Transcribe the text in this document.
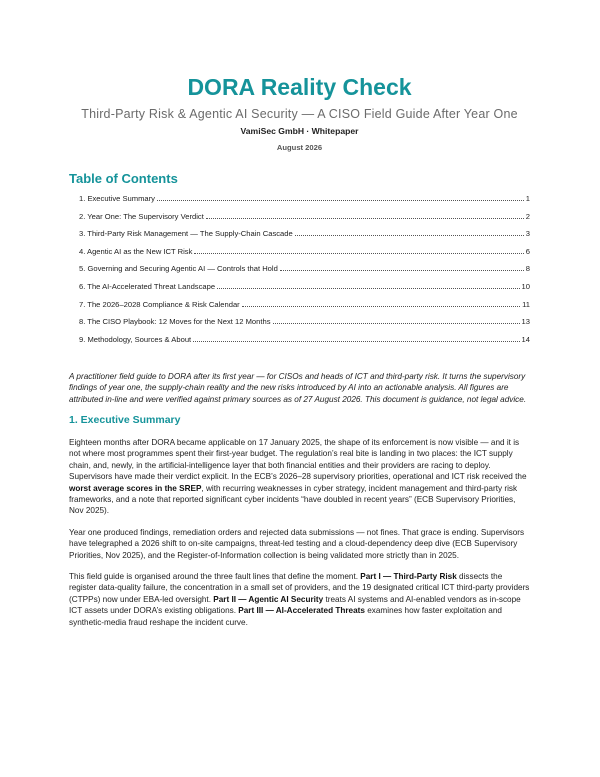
DORA Reality Check
Third-Party Risk & Agentic AI Security — A CISO Field Guide After Year One
VamiSec GmbH · Whitepaper
August 2026
Table of Contents
1. Executive Summary	1
2. Year One: The Supervisory Verdict	2
3. Third-Party Risk Management — The Supply-Chain Cascade	3
4. Agentic AI as the New ICT Risk	6
5. Governing and Securing Agentic AI — Controls that Hold	8
6. The AI-Accelerated Threat Landscape	10
7. The 2026–2028 Compliance & Risk Calendar	11
8. The CISO Playbook: 12 Moves for the Next 12 Months	13
9. Methodology, Sources & About	14
A practitioner field guide to DORA after its first year — for CISOs and heads of ICT and third-party risk. It turns the supervisory findings of year one, the supply-chain reality and the new risks introduced by AI into an actionable analysis. All figures are attributed in-line and were verified against primary sources as of 27 August 2026. This document is guidance, not legal advice.
1. Executive Summary
Eighteen months after DORA became applicable on 17 January 2025, the shape of its enforcement is now visible — and it is not where most programmes spent their first-year budget. The regulation’s real bite is landing in two places: the ICT supply chain, and, newly, in the artificial-intelligence layer that both financial entities and their providers are racing to deploy. Supervisors have made their verdict explicit. In the ECB’s 2026–28 supervisory priorities, operational and ICT risk received the worst average scores in the SREP, with recurring weaknesses in cyber strategy, incident management and third-party risk frameworks, and a note that reported significant cyber incidents “have doubled in recent years” (ECB Supervisory Priorities, Nov 2025).
Year one produced findings, remediation orders and rejected data submissions — not fines. That grace is ending. Supervisors have telegraphed a 2026 shift to on-site campaigns, threat-led testing and a cloud-dependency deep dive (ECB Supervisory Priorities, Nov 2025), and the Register-of-Information collection is being validated more strictly than in 2025.
This field guide is organised around the three fault lines that define the moment. Part I — Third-Party Risk dissects the register data-quality failure, the concentration in a small set of providers, and the 19 designated critical ICT third-party providers (CTPPs) now under EBA-led oversight. Part II — Agentic AI Security treats AI systems and AI-enabled vendors as in-scope ICT assets under DORA’s existing obligations. Part III — AI-Accelerated Threats examines how faster exploitation and synthetic-media fraud reshape the incident curve.
